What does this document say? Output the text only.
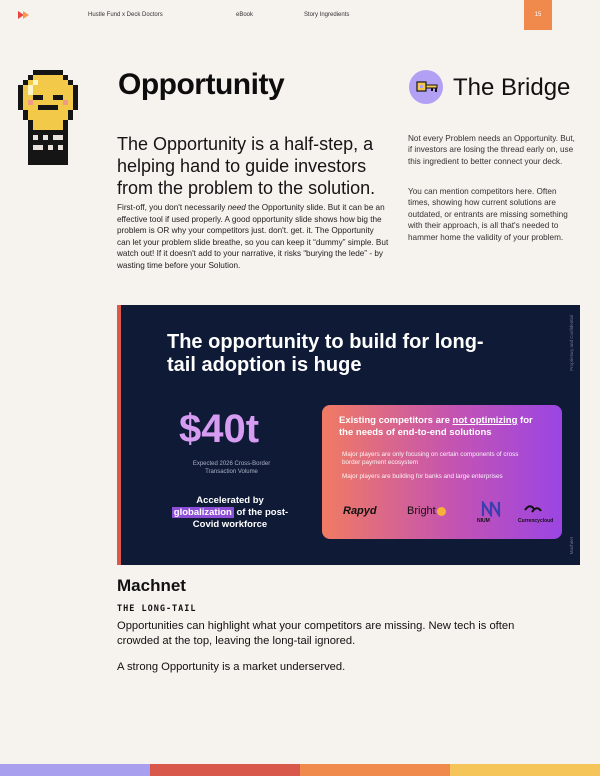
Hustle Fund x Deck Doctors	eBook	Story Ingredients	15
Opportunity	The Bridge
The Opportunity is a half-step, a helping hand to guide investors from the problem to the solution.
First-off, you don't necessarily need the Opportunity slide. But it can be an effective tool if used properly. A good opportunity slide shows how big the problem is OR why your competitors just. don't. get. it. The Opportunity can let your problem slide breathe, so you can keep it “dummy” simple. But watch out! If it doesn't add to your narrative, it risks “burying the lede” - by wasting time before your Solution.
Not every Problem needs an Opportunity. But, if investors are losing the thread early on, use this ingredient to better connect your deck.
You can mention competitors here. Often times, showing how current solutions are outdated, or entrants are missing something with their approach, is all that's needed to hammer home the validity of your problem.
The opportunity to build for long-tail adoption is huge
$40t
Expected 2026 Cross-Border Transaction Volume
Accelerated by
globalization of the post-Covid workforce
Proprietary and Confidential
Machnet
Existing competitors are not optimizing for the needs of end-to-end solutions
Major players are only focusing on certain components of cross border payment ecosystem
Major players are building for banks and large enterprises
Rapyd	Bright
NIUM	Currencycloud
Machnet
THE LONG-TAIL
Opportunities can highlight what your competitors are missing. New tech is often crowded at the top, leaving the long-tail ignored.
A strong Opportunity is a market underserved.
